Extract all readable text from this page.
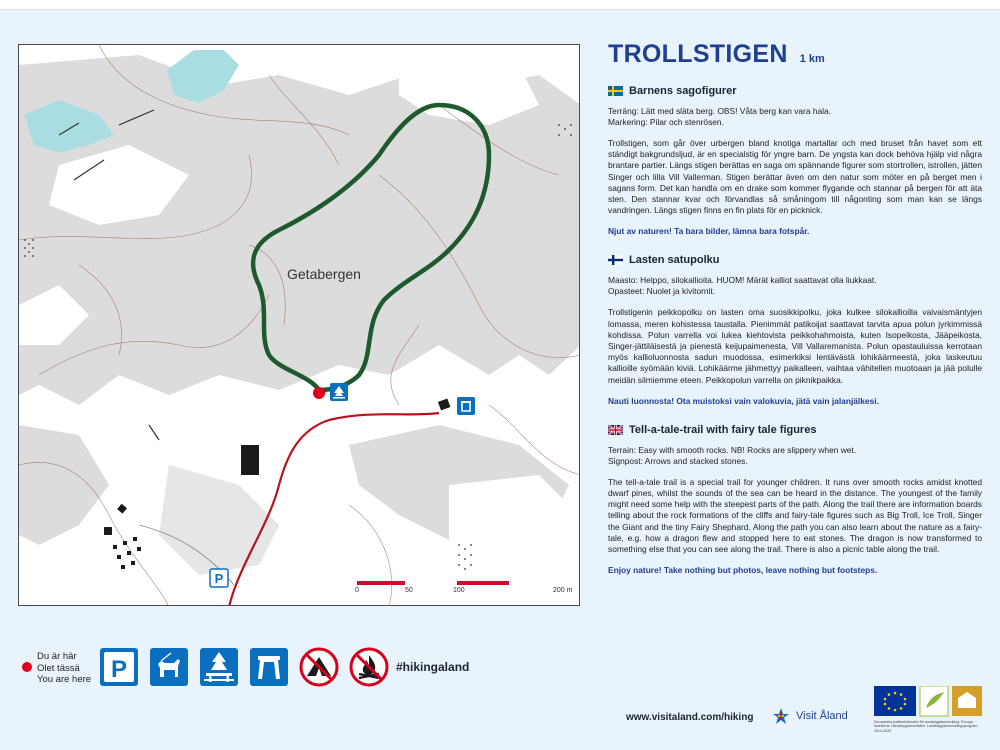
P
Getabergen
0	50	100	200 m
TROLLSTIGEN 1 km
Barnens sagofigurer
Terräng: Lätt med släta berg. OBS! Våta berg kan vara hala.
Markering: Pilar och stenrösen.
Trollstigen, som går över urbergen bland knotiga martallar och med bruset från havet som ett ständigt bakgrundsljud, är en specialstig för yngre barn. De yngsta kan dock behöva hjälp vid några brantare partier. Längs stigen berättas en saga om spännande figurer som stortrollen, istrollen, jätten Singer och lilla Vill Vallerman. Stigen berättar även om den natur som möter en på berget men i sagans form. Det kan handla om en drake som kommer flygande och stannar på bergen för att äta sten. Den stannar kvar och förvandlas så småningom till någonting som man kan se längs vandringen. Längs stigen finns en fin plats för en picknick.
Njut av naturen! Ta bara bilder, lämna bara fotspår.
Lasten satupolku
Maasto: Helppo, silokallioita. HUOM! Märät kalliot saattavat olla liukkaat.
Opasteet: Nuolet ja kivitornit.
Trollstigenin peikkopolku on lasten oma suosikkipolku, joka kulkee silokallioilla vaivaismäntyjen lomassa, meren kohistessa taustalla. Pienimmät patikoijat saattavat tarvita apua polun jyrkimmissä kohdissa. Polun varrella voi lukea kiehtovista peikkohahmoista, kuten Isopeikosta, Jääpeikosta, Singer-jättiläisestä ja pienestä keijupaimenesta, Vill Vallaremanista. Polun opastauluissa kerrotaan myös kallioluonnosta sadun muodossa, esimerkiksi lentävästä lohikäärmeestä, joka laskeutuu kallioille syömään kiviä. Lohikäärme jähmettyy paikalleen, vaihtaa vähitellen muotoaan ja jää polulle meidän silmiemme eteen. Peikkopolun varrella on piknikpaikka.
Nauti luonnosta! Ota muistoksi vain valokuvia, jätä vain jalanjälkesi.
Tell-a-tale-trail with fairy tale figures
Terrain: Easy with smooth rocks. NB! Rocks are slippery when wet.
Signpost: Arrows and stacked stones.
The tell-a-tale trail is a special trail for younger children. It runs over smooth rocks amidst knotted dwarf pines, whilst the sounds of the sea can be heard in the distance. The youngest of the family might need some help with the steepest parts of the path. Along the trail there are information boards telling about the rock formations of the cliffs and fairy-tale figures such as Big Troll, Ice Troll, Singer the Giant and the tiny Fairy Shephard. Along the path you can also learn about the nature as a fairy-tale, e.g. how a dragon flew and stopped here to eat stones. The dragon is now transformed to something else that you can see along the trail. There is also a picnic table along the trail.
Enjoy nature! Take nothing but photos, leave nothing but footsteps.
Du är här
Olet tässä
You are here P	#hikingaland
www.visitaland.com/hiking	Visit Åland	Europeiska jordbruksfonden för landsbygdsutveckling: Europa investerar i landsbygdsområden. Landsbygdsutvecklingsprogram 2014-2020
